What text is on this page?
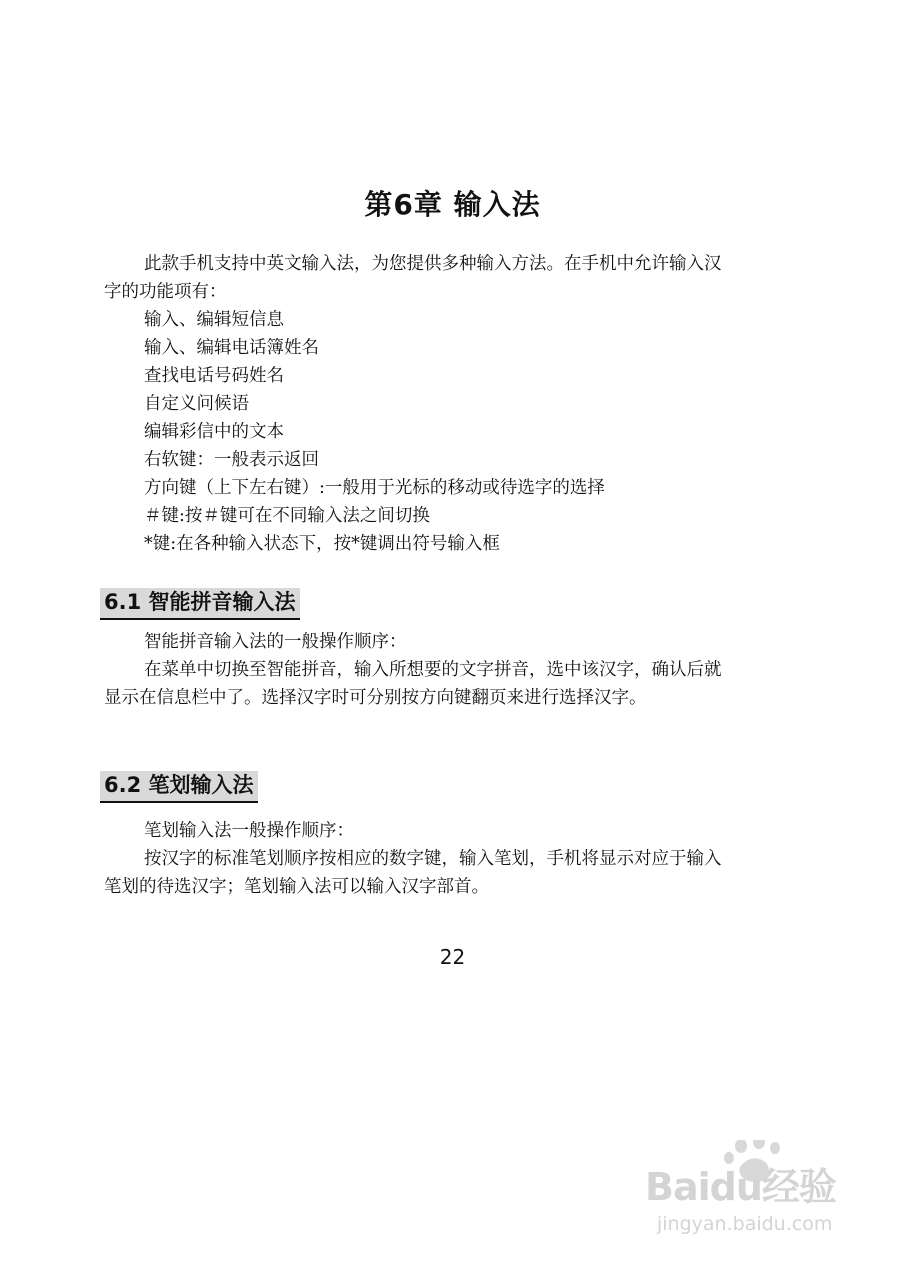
第6章 输入法

此款手机支持中英文输入法，为您提供多种输入方法。在手机中允许输入汉字的功能项有：

输入、编辑短信息

输入、编辑电话簿姓名

查找电话号码姓名

自定义问候语

编辑彩信中的文本

右软键：一般表示返回

方向键（上下左右键）:一般用于光标的移动或待选字的选择

＃键:按＃键可在不同输入法之间切换

*键:在各种输入状态下，按*键调出符号输入框

6.1 智能拼音输入法

智能拼音输入法的一般操作顺序：

在菜单中切换至智能拼音，输入所想要的文字拼音，选中该汉字，确认后就显示在信息栏中了。选择汉字时可分别按方向键翻页来进行选择汉字。

6.2 笔划输入法

笔划输入法一般操作顺序：

按汉字的标准笔划顺序按相应的数字键，输入笔划，手机将显示对应于输入笔划的待选汉字；笔划输入法可以输入汉字部首。

22
Baidu经验
jingyan.baidu.com
